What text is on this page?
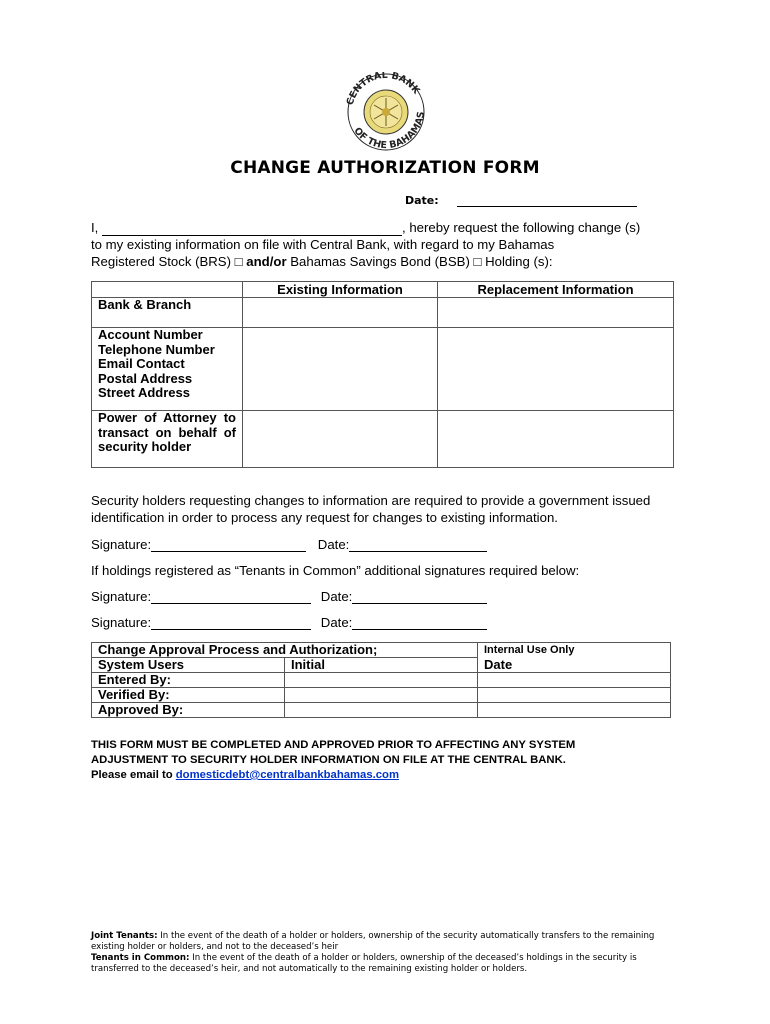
CENTRAL BANK
OF THE BAHAMAS
CHANGE AUTHORIZATION FORM
Date:
I,	, hereby request the following change (s)
to my existing information on file with Central Bank, with regard to my Bahamas
Registered Stock (BRS) □ and/or Bahamas Savings Bond (BSB) □ Holding (s):
	Existing Information	Replacement Information
Bank & Branch		

Account Number
Telephone Number
Email Contact
Postal Address
Street Address		

Power of Attorney to transact on behalf of security holder		
Security holders requesting changes to information are required to provide a government issued identification in order to process any request for changes to existing information.
Signature:	Date:
If holdings registered as “Tenants in Common” additional signatures required below:
Signature:	Date:
Signature:	Date:
Change Approval Process and Authorization;		Internal Use Only
System Users	Initial	Date
Entered By:		
Verified By:		
Approved By:		
THIS FORM MUST BE COMPLETED AND APPROVED PRIOR TO AFFECTING ANY SYSTEM
ADJUSTMENT TO SECURITY HOLDER INFORMATION ON FILE AT THE CENTRAL BANK.
Please email to domesticdebt@centralbankbahamas.com
Joint Tenants: In the event of the death of a holder or holders, ownership of the security automatically transfers to the remaining existing holder or holders, and not to the deceased’s heir
Tenants in Common: In the event of the death of a holder or holders, ownership of the deceased’s holdings in the security is transferred to the deceased’s heir, and not automatically to the remaining existing holder or holders.
